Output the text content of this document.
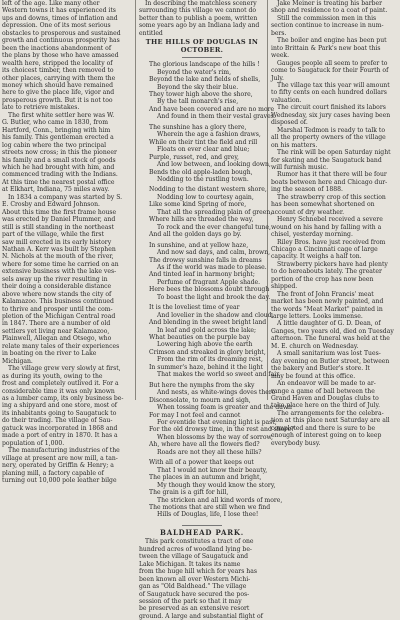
left of the age. Like many other
Western towns it has experienced its
ups and downs, times of inflation and
depression. One of its most serious
obstacles to prosperous and sustained
growth and continuous prosperity has
been the inactions abandonment of
the plans by those who have amassed
wealth here, stripped the locality of
its choicest timber, then removed to
other places, carrying with them the
money which should have remained
here to give the place life, vigor and
prosperous growth. But it is not too
late to retrieve mistakes.
The first white settler here was W.
G. Butler, who came in 1830, from
Hartford, Conn., bringing with him
his family. This gentleman erected a
log cabin where the two principal
streets now cross; in this the pioneer
his family and a small stock of goods
which he had brought with him, and
commenced trading with the Indians.
At this time the nearest postal office
at Elkhart, Indiana, 75 miles away.
In 1834 a company was started by S.
E. Crosby and Edward Johnson.
About this time the first frame house
was erected by Daniel Plummer, and
still is still standing in the northeast
part of the village, while the first
saw mill erected in its early history
Nathan A. Kerr was built by Stephen
N. Nichols at the mouth of the river,
where for some time he carried on an
extensive business with the lake ves-
sels away up the river resulting in
their doing a considerable distance
above where now stands the city of
Kalamazoo. This business continued
to thrive and prosper until the com-
pletion of the Michigan Central road
in 1847. There are a number of old
settlers yet living near Kalamazoo,
Plainwell, Allegan and Otsego, who
relate many tales of their experiences
in boating on the river to Lake
Michigan.
The village grew very slowly at first,
as during its youth, owing to the
frost and completely outlived it. For a
considerable time it was only known
as a lumber camp, its only business be-
ing a shipyard and one store, most of
its inhabitants going to Saugatuck to
do their trading. The village of Sau-
gatuck was incorporated in 1868 and
made a port of entry in 1870. It has a
population of 1,000.
The manufacturing industries of the
village at present are now mill, a tan-
nery, operated by Griffin & Henry; a
planing mill, a factory capable of
turning out 10,000 pole leather bilge
In describing the matchless scenery
surrounding this village we cannot do
better than to publish a poem, written
some years ago by an Indiana lady and
entitled
THE HILLS OF DOUGLAS IN OCTOBER.
The glorious landscape of the hills !
Beyond the water's rim,
Beyond the lake and fields of shells,
Beyond the sky their blue.
They tower high above the shore,
By the tall monarch's rise,
And have been covered and are no more
And found in them their vestal graves.
The sunshine has a glory there,
Wherein the age a fashion draws,
While on their tint the field and rill
Floats on ever clear and blue;
Purple, russet, red, and grey,
And low between, and looking down,
Bends the old apple-laden bough,
Nodding to the rustling town.
Nodding to the distant western shore,
Nodding low to courtesy again,
Like some kind Spring of more,
That all the spreading plain of green,
Where hills are threaded the way,
To rock and the ever changeful tune,
And all the golden days go by.
In sunshine, and at yellow haze,
And now sad days, and calm, brown,
The drowsy sunshine falls in dreams
As if the world was made to please.
And tinted leaf in harmony bright;
Perfume of fragrant Apple shade.
Here bees the blossoms doubt through
To boast the light and brook the day.
It is the loveliest time of year
And lovelier in the shadow and cloud,
And blending in the sweet bright land
In leaf and gold across the lake;
What beauties on the purple bay
Lowering high above the earth
Crimson and streaked in glory bright,
From the rim of its dreaming rest,
In summer's haze, behind it the light
That makes the world so sweet and fair.
But here the nymphs from the sky
And nests, as white-wings doves there
Disconsolate, to mourn and sigh,
When tossing foam is greater and the dawn
For may I not feel and cannot
For eventide that evening light is past,
For the old drowsy time, in the rest and shore?
When blossoms by the way of sorrow,
Ah, where have all the flowers fled?
Roads are not they all these hills?
With all of a power that keeps out
That I would not know their beauty,
The places in an autumn and bright,
My though they would know the story,
The grain is a gift for hill,
The stricken and all kind words of more,
The motions that are still when we find
Hills of Douglas, life, I lose thee!
BALDHEAD PARK.
This park constitutes a tract of one
hundred acres of woodland lying be-
tween the village of Saugatuck and
Lake Michigan. It takes its name
from the huge hill which for years has
been known all over Western Michi-
gan as "Old Baldhead." The village
of Saugatuck have secured the pos-
session of the park so that it may
be preserved as an extensive resort
ground. A large and substantial flight of
Jake Meiner is treating his barber
shop and residence to a coat of paint.
Still the commission men in this
section continue to increase in num-
bers.
The boiler and engine has been put
into Brittain & Park's new boat this
week.
Gauges people all seem to prefer to
come to Saugatuck for their Fourth of
July.
The village tax this year will amount
to fifty cents on each hundred dollars
valuation.
The circuit court finished its labors
Wednesday, six jury cases having been
disposed of.
Marshal Tedmon is ready to talk to
all the property owners of the village
on his matters.
The rink will be open Saturday night
for skating and the Saugatuck band
will furnish music.
Rumor has it that there will be four
boats between here and Chicago dur-
ing the season of 1888.
The strawberry crop of this section
has been somewhat shortened on
account of dry weather.
Henry Schnebel received a severe
wound on his hand by falling with a
chisel, yesterday morning.
Riley Bros. have just received from
Chicago a Cincinnati cage of large
capacity. It weighs a half ton.
Strawberry pickers have had plenty
to do hereabouts lately. The greater
portion of the crop has now been
shipped.
The front of John Francis' meat
market has been newly painted, and
the words "Meat Market" painted in
large letters. Looks immense.
A little daughter of G. D. Dean, of
Ganges, two years old, died on Tuesday
afternoon. The funeral was held at the
M. E. church on Wednesday.
A small sanitarium was lost Tues-
day evening on Butler street, between
the bakery and Butler's store. It
may be found at this office.
An endeavor will be made to ar-
range a game of ball between the
Grand Haven and Douglas clubs to
take place here on the third of July.
The arrangements for the celebra-
tion at this place next Saturday are all
completed and there is sure to be
enough of interest going on to keep
everybody busy.
